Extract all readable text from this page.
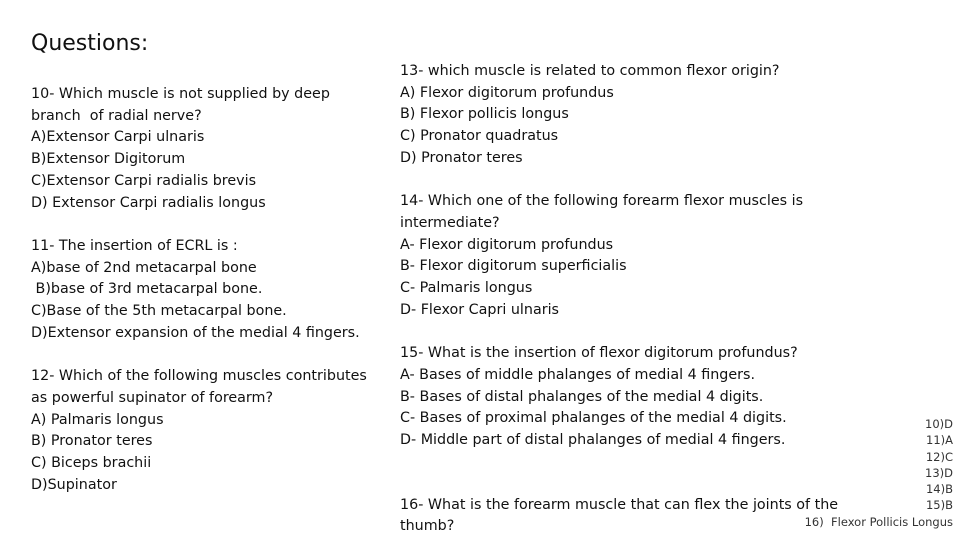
Questions:
10- Which muscle is not supplied by deep
branch  of radial nerve?
A)Extensor Carpi ulnaris
B)Extensor Digitorum
C)Extensor Carpi radialis brevis
D) Extensor Carpi radialis longus
11- The insertion of ECRL is :
A)base of 2nd metacarpal bone
B)base of 3rd metacarpal bone.
C)Base of the 5th metacarpal bone.
D)Extensor expansion of the medial 4 fingers.
12- Which of the following muscles contributes
as powerful supinator of forearm?
A) Palmaris longus
B) Pronator teres
C) Biceps brachii
D)Supinator
13- which muscle is related to common flexor origin?
A) Flexor digitorum profundus
B) Flexor pollicis longus
C) Pronator quadratus
D) Pronator teres
14- Which one of the following forearm flexor muscles is
intermediate?
A- Flexor digitorum profundus
B- Flexor digitorum superficialis
C- Palmaris longus
D- Flexor Capri ulnaris
15- What is the insertion of flexor digitorum profundus?
A- Bases of middle phalanges of medial 4 fingers.
B- Bases of distal phalanges of the medial 4 digits.
C- Bases of proximal phalanges of the medial 4 digits.
D- Middle part of distal phalanges of medial 4 fingers.
16- What is the forearm muscle that can flex the joints of the
thumb?
10)D
11)A
12)C
13)D
14)B
15)B
16)  Flexor Pollicis Longus
